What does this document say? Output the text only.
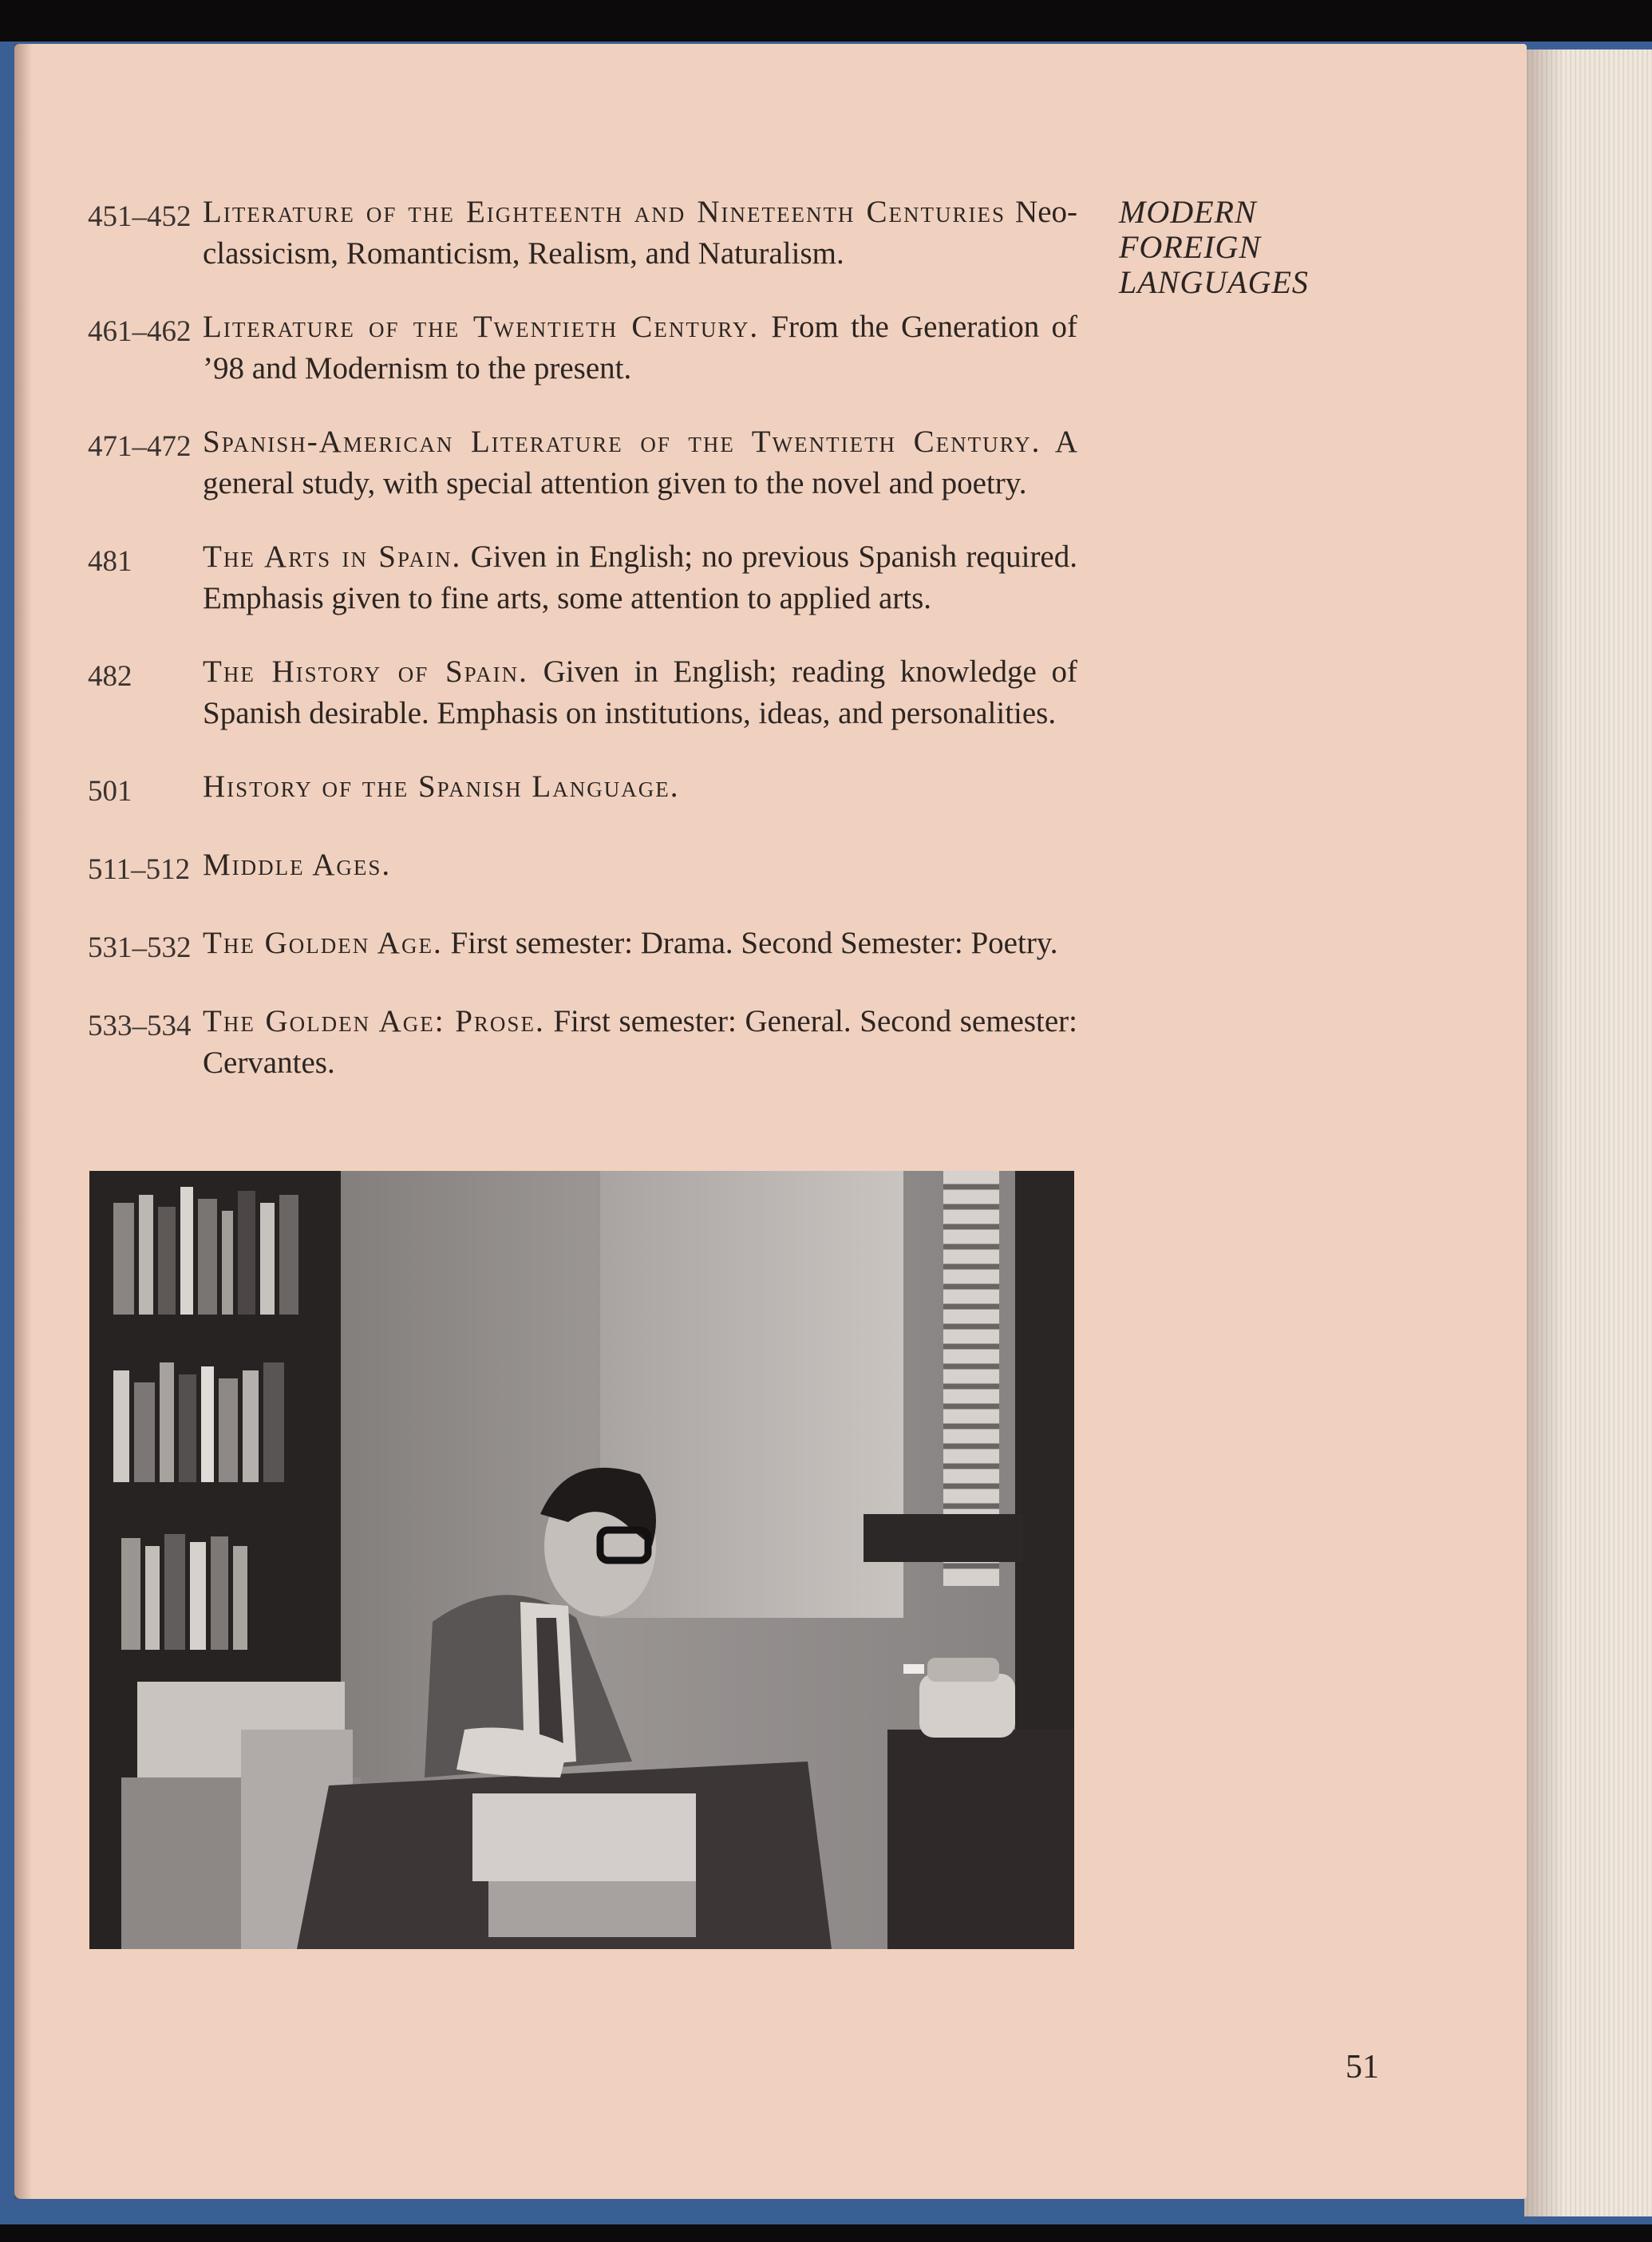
MODERN
FOREIGN
LANGUAGES
451–452 Literature of the Eighteenth and Nineteenth Centuries Neo-classicism, Romanticism, Realism, and Naturalism.
461–462 Literature of the Twentieth Century. From the Generation of ’98 and Modernism to the present.
471–472 Spanish-American Literature of the Twentieth Century. A general study, with special attention given to the novel and poetry.
481	The Arts in Spain. Given in English; no previous Spanish required. Emphasis given to fine arts, some attention to applied arts.
482	The History of Spain. Given in English; reading knowledge of Spanish desirable. Emphasis on institutions, ideas, and personalities.
501	History of the Spanish Language.
511–512 Middle Ages.
531–532 The Golden Age. First semester: Drama. Second Semester: Poetry.
533–534 The Golden Age: Prose. First semester: General. Second semester: Cervantes.
51
